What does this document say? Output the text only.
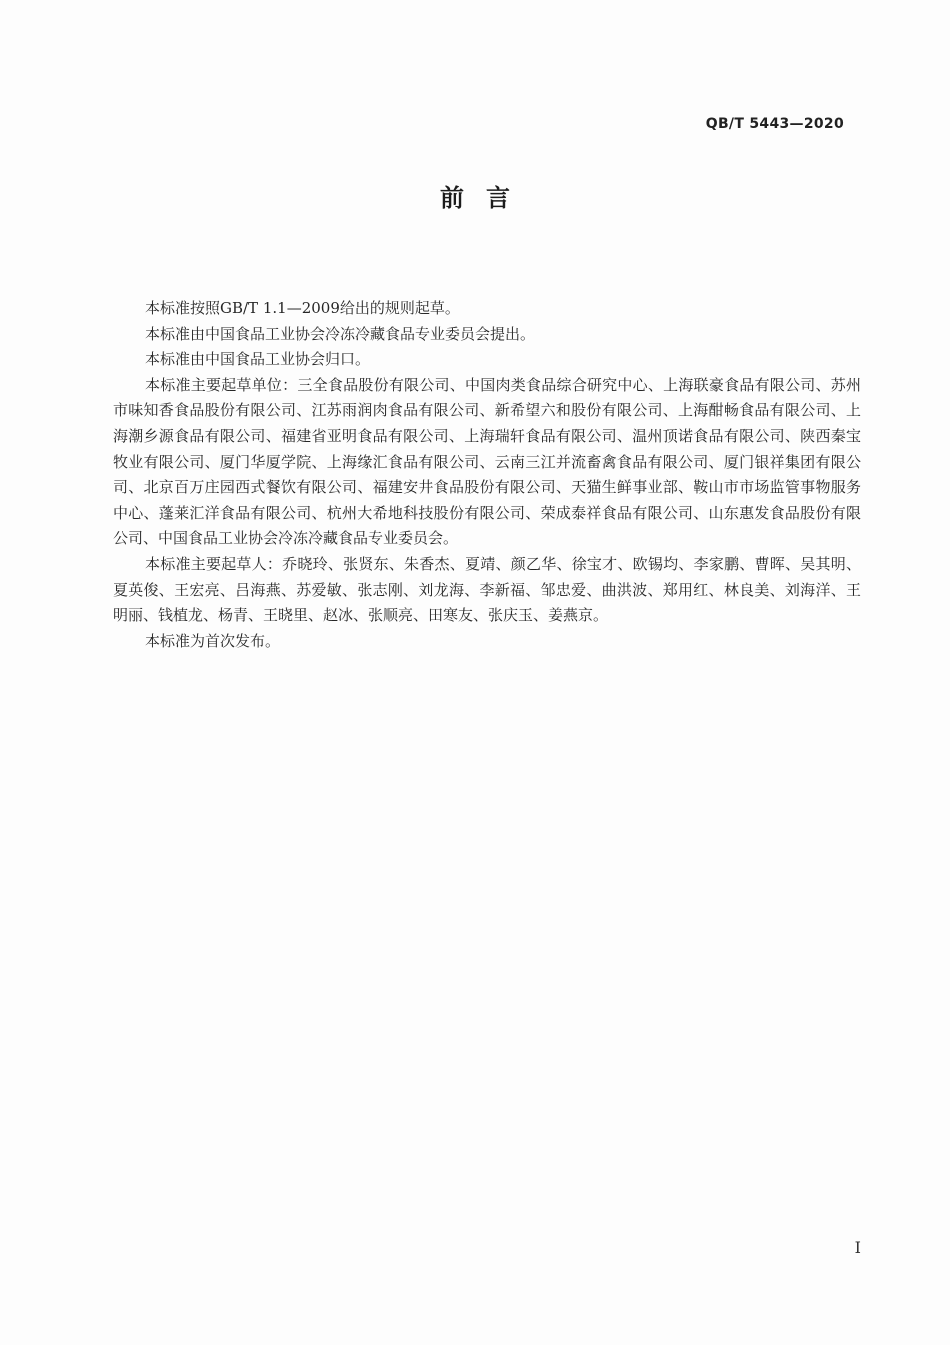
QB/T 5443—2020
前言

本标准按照GB/T 1.1—2009给出的规则起草。

本标准由中国食品工业协会冷冻冷藏食品专业委员会提出。

本标准由中国食品工业协会归口。

本标准主要起草单位：三全食品股份有限公司、中国肉类食品综合研究中心、上海联豪食品有限公司、苏州市味知香食品股份有限公司、江苏雨润肉食品有限公司、新希望六和股份有限公司、上海酣畅食品有限公司、上海潮乡源食品有限公司、福建省亚明食品有限公司、上海瑞轩食品有限公司、温州顶诺食品有限公司、陕西秦宝牧业有限公司、厦门华厦学院、上海缘汇食品有限公司、云南三江并流畜禽食品有限公司、厦门银祥集团有限公司、北京百万庄园西式餐饮有限公司、福建安井食品股份有限公司、天猫生鲜事业部、鞍山市市场监管事物服务中心、蓬莱汇洋食品有限公司、杭州大希地科技股份有限公司、荣成泰祥食品有限公司、山东惠发食品股份有限公司、中国食品工业协会冷冻冷藏食品专业委员会。

本标准主要起草人：乔晓玲、张贤东、朱香杰、夏靖、颜乙华、徐宝才、欧锡均、李家鹏、曹晖、吴其明、夏英俊、王宏亮、吕海燕、苏爱敏、张志刚、刘龙海、李新福、邹忠爱、曲洪波、郑用红、林良美、刘海洋、王明丽、钱植龙、杨青、王晓里、赵冰、张顺亮、田寒友、张庆玉、姜燕京。

本标准为首次发布。

I
